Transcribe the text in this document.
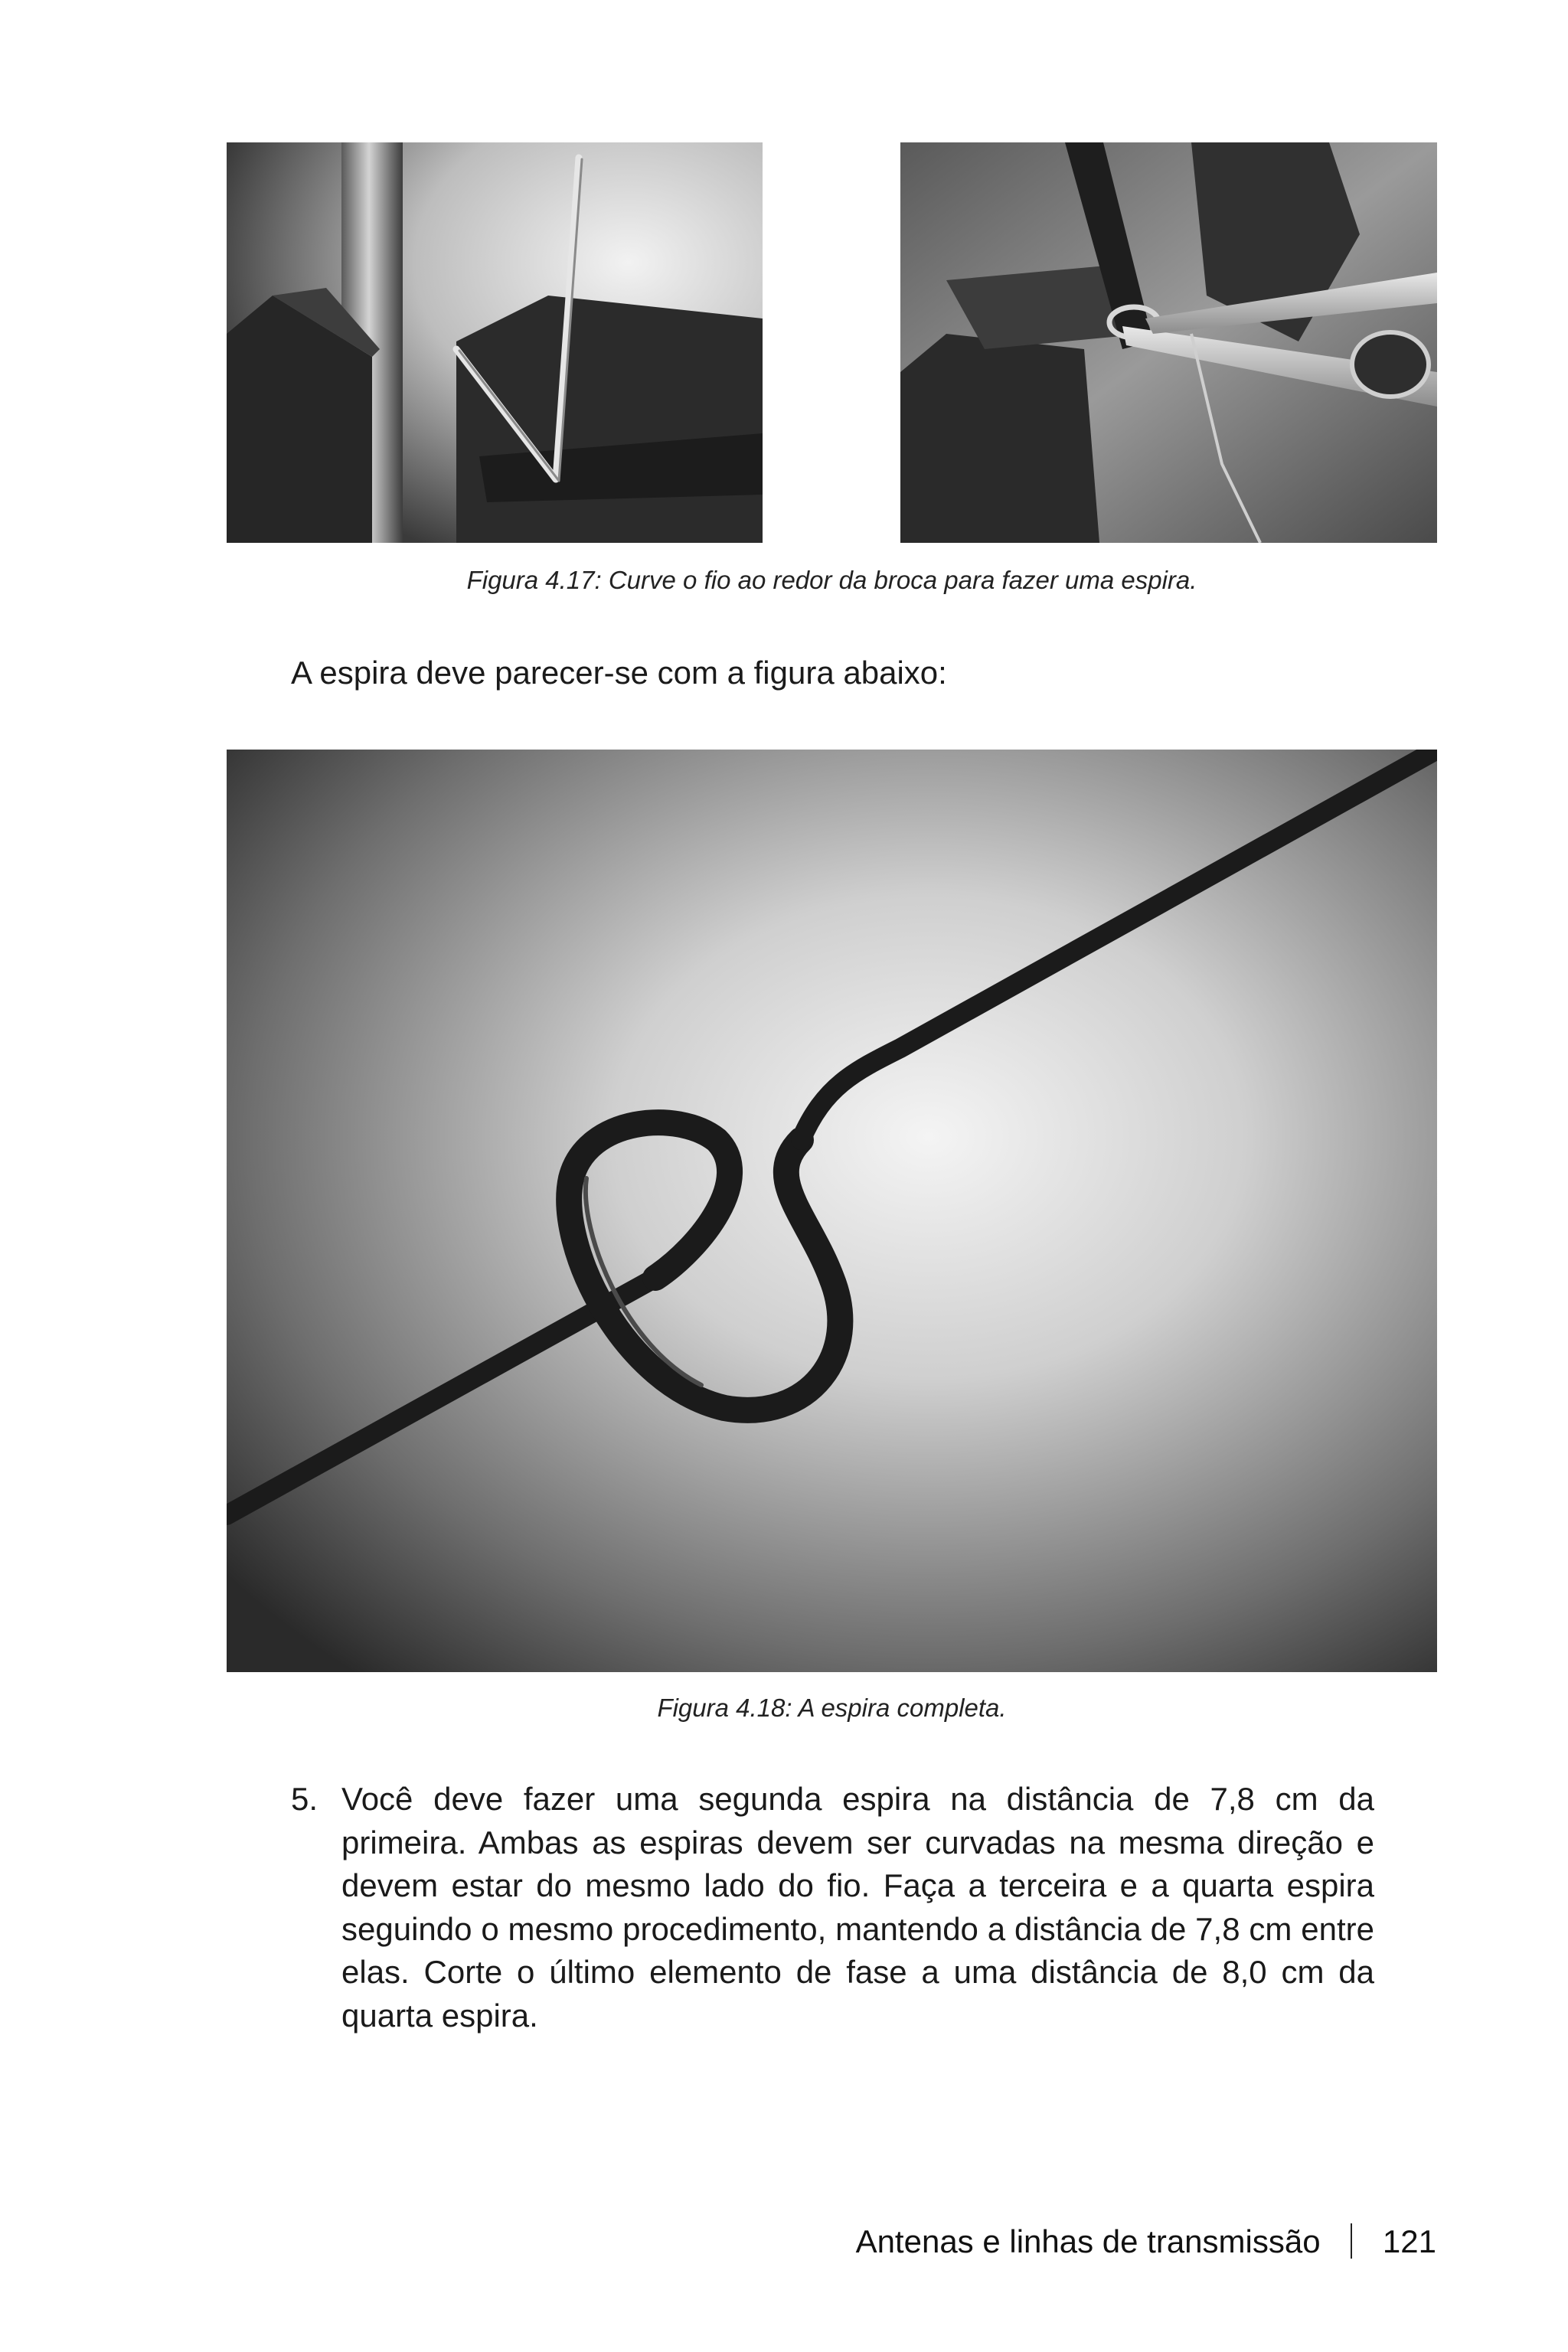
Figura 4.17: Curve o fio ao redor da broca para fazer uma espira.
A espira deve parecer-se com a figura abaixo:
Figura 4.18: A espira completa.
5. Você deve fazer uma segunda espira na distância de 7,8 cm da primeira. Ambas as espiras devem ser curvadas na mesma direção e devem estar do mesmo lado do fio. Faça a terceira e a quarta espira seguindo o mesmo procedimento, mantendo a distância de 7,8 cm entre elas. Corte o último elemento de fase a uma distância de 8,0 cm da quarta espira.
Antenas e linhas de transmissão 121
